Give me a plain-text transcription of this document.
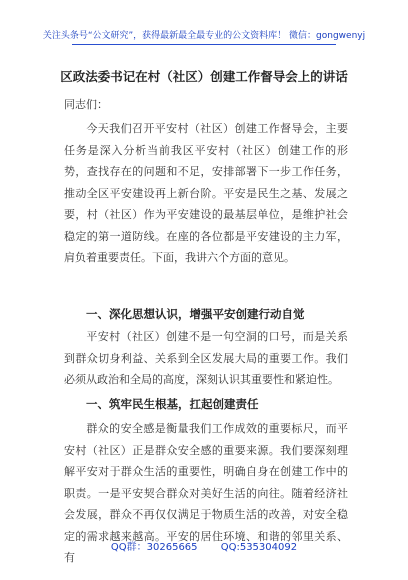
关注头条号“公文研究”，获得最新最全最专业的公文资料库！ 微信：gongwenyj
区政法委书记在村（社区）创建工作督导会上的讲话
同志们：
今天我们召开平安村（社区）创建工作督导会，主要任务是深入分析当前我区平安村（社区）创建工作的形势，查找存在的问题和不足，安排部署下一步工作任务，推动全区平安建设再上新台阶。平安是民生之基、发展之要，村（社区）作为平安建设的最基层单位，是维护社会稳定的第一道防线。在座的各位都是平安建设的主力军，肩负着重要责任。下面，我讲六个方面的意见。
一、深化思想认识，增强平安创建行动自觉
平安村（社区）创建不是一句空洞的口号，而是关系到群众切身利益、关系到全区发展大局的重要工作。我们必须从政治和全局的高度，深刻认识其重要性和紧迫性。
一、筑牢民生根基，扛起创建责任
群众的安全感是衡量我们工作成效的重要标尺，而平安村（社区）正是群众安全感的重要来源。我们要深刻理解平安对于群众生活的重要性，明确自身在创建工作中的职责。一是平安契合群众对美好生活的向往。随着经济社会发展，群众不再仅仅满足于物质生活的改善，对安全稳定的需求越来越高。平安的居住环境、和谐的邻里关系、有
QQ群：30265665 QQ:535304092
